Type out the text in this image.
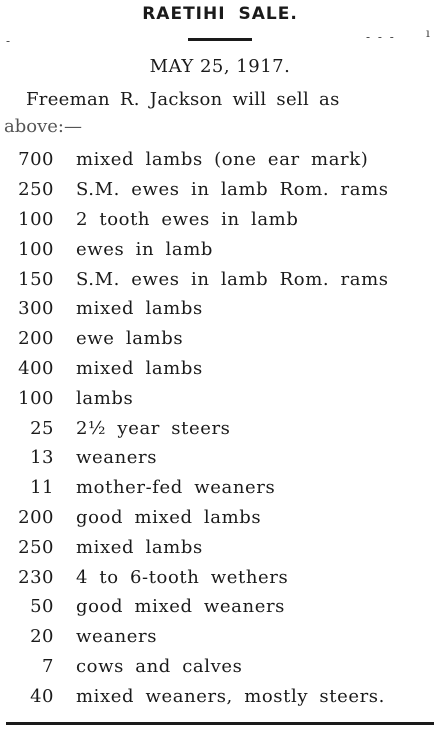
RAETIHI SALE.
-	- - -	ı
MAY 25, 1917.
Freeman R. Jackson will sell as
above:—
700	mixed lambs (one ear mark)
250	S.M. ewes in lamb Rom. rams
100	2 tooth ewes in lamb
100	ewes in lamb
150	S.M. ewes in lamb Rom. rams
300	mixed lambs
200	ewe lambs
400	mixed lambs
100	lambs
25	2½ year steers
13	weaners
11	mother-fed weaners
200	good mixed lambs
250	mixed lambs
230	4 to 6-tooth wethers
50	good mixed weaners
20	weaners
7	cows and calves
40	mixed weaners, mostly steers.
